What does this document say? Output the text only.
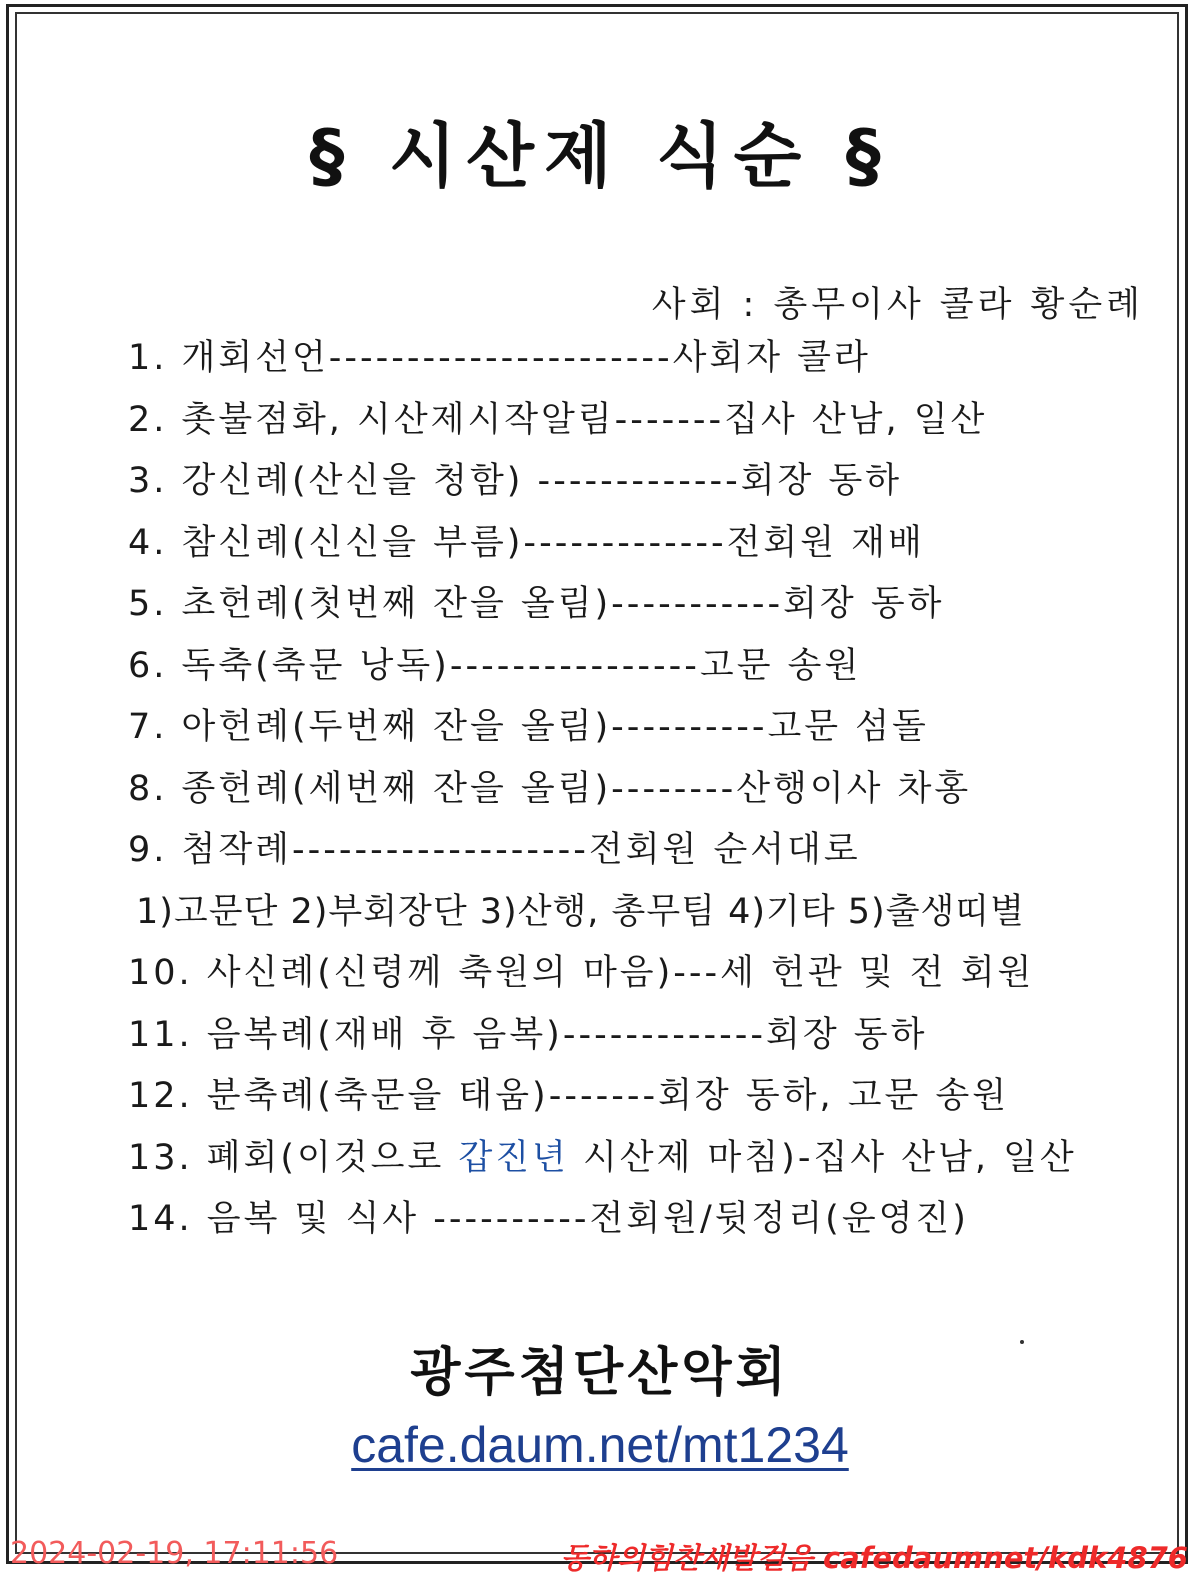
§ 시산제 식순 §
사회 : 총무이사 콜라 황순례
1. 개회선언----------------------사회자 콜라
2. 촛불점화, 시산제시작알림-------집사 산남, 일산
3. 강신례(산신을 청함) -------------회장 동하
4. 참신례(신신을 부름)-------------전회원 재배
5. 초헌례(첫번째 잔을 올림)-----------회장 동하
6. 독축(축문 낭독)----------------고문 송원
7. 아헌례(두번째 잔을 올림)----------고문 섬돌
8. 종헌례(세번째 잔을 올림)--------산행이사 차홍
9. 첨작례-------------------전회원 순서대로
1)고문단 2)부회장단 3)산행, 총무팀 4)기타 5)출생띠별
10. 사신례(신령께 축원의 마음)---세 헌관 및 전 회원
11. 음복례(재배 후 음복)-------------회장 동하
12. 분축례(축문을 태움)-------회장 동하, 고문 송원
13. 폐회(이것으로 갑진년 시산제 마침)-집사 산남, 일산
14. 음복 및 식사 ----------전회원/뒷정리(운영진)
광주첨단산악회
cafe.daum.net/mt1234
2024-02-19, 17:11:56	동하의힘찬새발걸음 cafedaumnet/kdk4876
